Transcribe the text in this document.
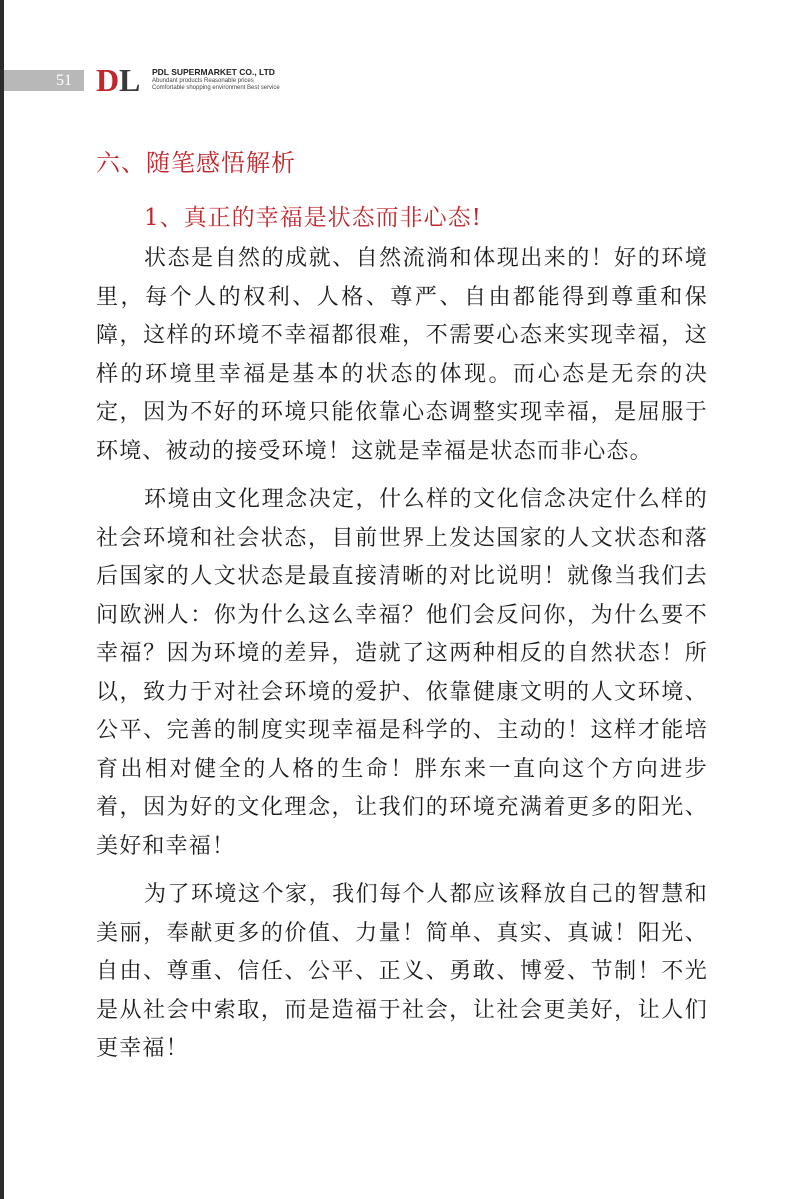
51 D L PDL SUPERMARKET CO., LTD
Abundant products Reasonable prices
Comfortable shopping environment Best service
六、随笔感悟解析
1、真正的幸福是状态而非心态!

状态是自然的成就、自然流淌和体现出来的！好的环境里，每个人的权利、人格、尊严、自由都能得到尊重和保障，这样的环境不幸福都很难，不需要心态来实现幸福，这样的环境里幸福是基本的状态的体现。而心态是无奈的决定，因为不好的环境只能依靠心态调整实现幸福，是屈服于环境、被动的接受环境！这就是幸福是状态而非心态。

环境由文化理念决定，什么样的文化信念决定什么样的社会环境和社会状态，目前世界上发达国家的人文状态和落后国家的人文状态是最直接清晰的对比说明！就像当我们去问欧洲人：你为什么这么幸福？他们会反问你，为什么要不幸福？因为环境的差异，造就了这两种相反的自然状态！所以，致力于对社会环境的爱护、依靠健康文明的人文环境、公平、完善的制度实现幸福是科学的、主动的！这样才能培育出相对健全的人格的生命！胖东来一直向这个方向进步着，因为好的文化理念，让我们的环境充满着更多的阳光、美好和幸福！

为了环境这个家，我们每个人都应该释放自己的智慧和美丽，奉献更多的价值、力量！简单、真实、真诚！阳光、自由、尊重、信任、公平、正义、勇敢、博爱、节制！不光是从社会中索取，而是造福于社会，让社会更美好，让人们更幸福！
